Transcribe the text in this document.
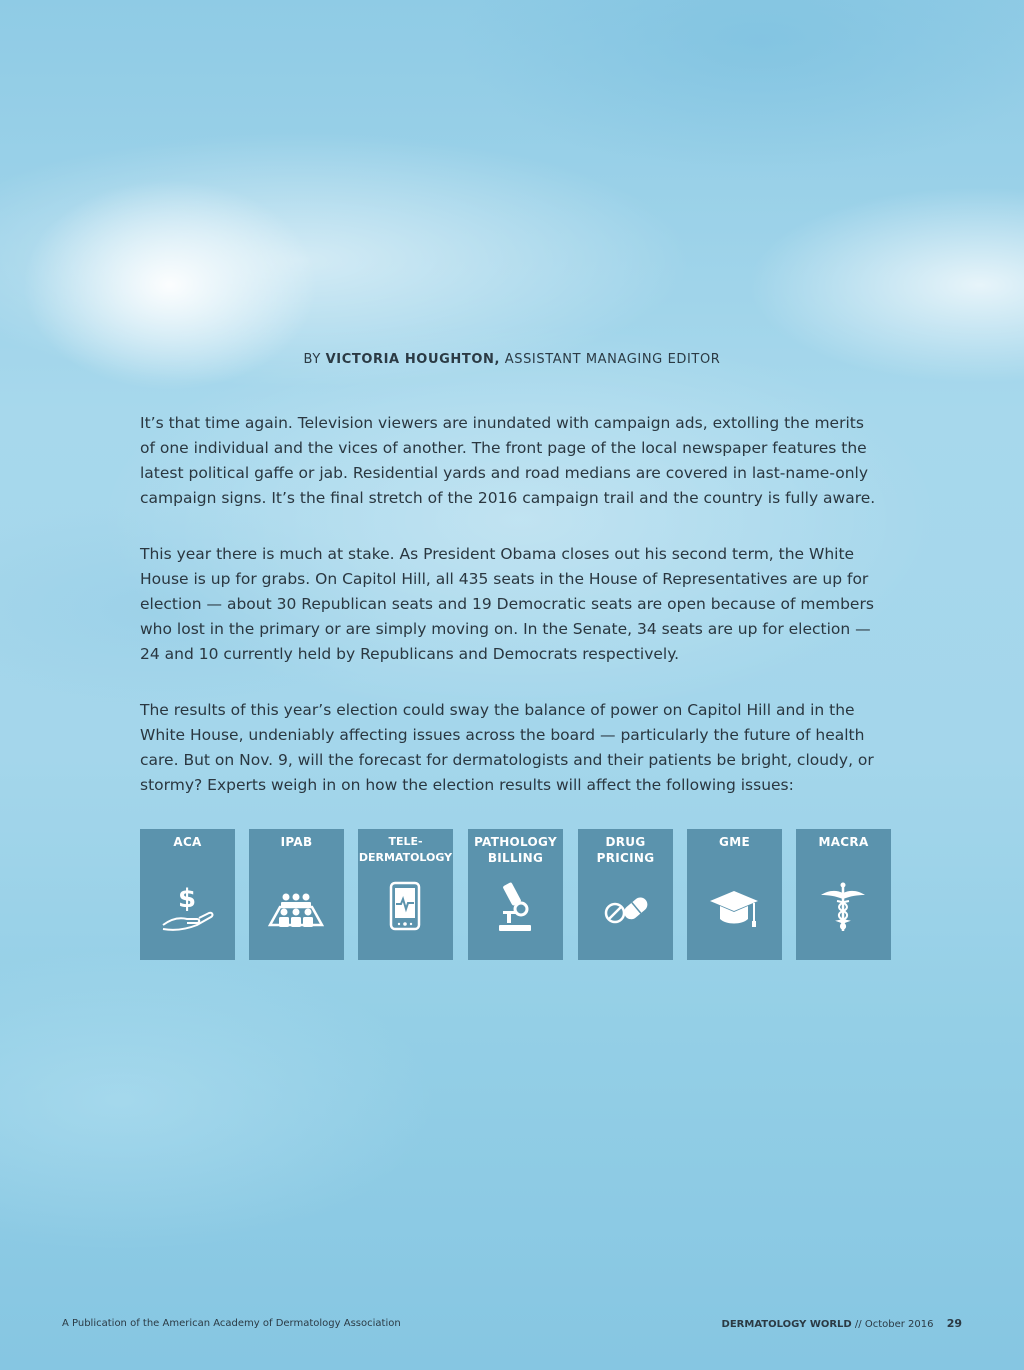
BY VICTORIA HOUGHTON, ASSISTANT MANAGING EDITOR

It’s that time again. Television viewers are inundated with campaign ads, extolling the merits of one individual and the vices of another. The front page of the local newspaper features the latest political gaffe or jab. Residential yards and road medians are covered in last-name-only campaign signs. It’s the final stretch of the 2016 campaign trail and the country is fully aware.

This year there is much at stake. As President Obama closes out his second term, the White House is up for grabs. On Capitol Hill, all 435 seats in the House of Representatives are up for election — about 30 Republican seats and 19 Democratic seats are open because of members who lost in the primary or are simply moving on. In the Senate, 34 seats are up for election — 24 and 10 currently held by Republicans and Democrats respectively.

The results of this year’s election could sway the balance of power on Capitol Hill and in the White House, undeniably affecting issues across the board — particularly the future of health care. But on Nov. 9, will the forecast for dermatologists and their patients be bright, cloudy, or stormy? Experts weigh in on how the election results will affect the following issues:

ACA
$
IPAB	TELE-
DERMATOLOGY
PATHOLOGY
BILLING
DRUG
PRICING
GME	MACRA
A Publication of the American Academy of Dermatology Association	DERMATOLOGY WORLD // October 2016 29
